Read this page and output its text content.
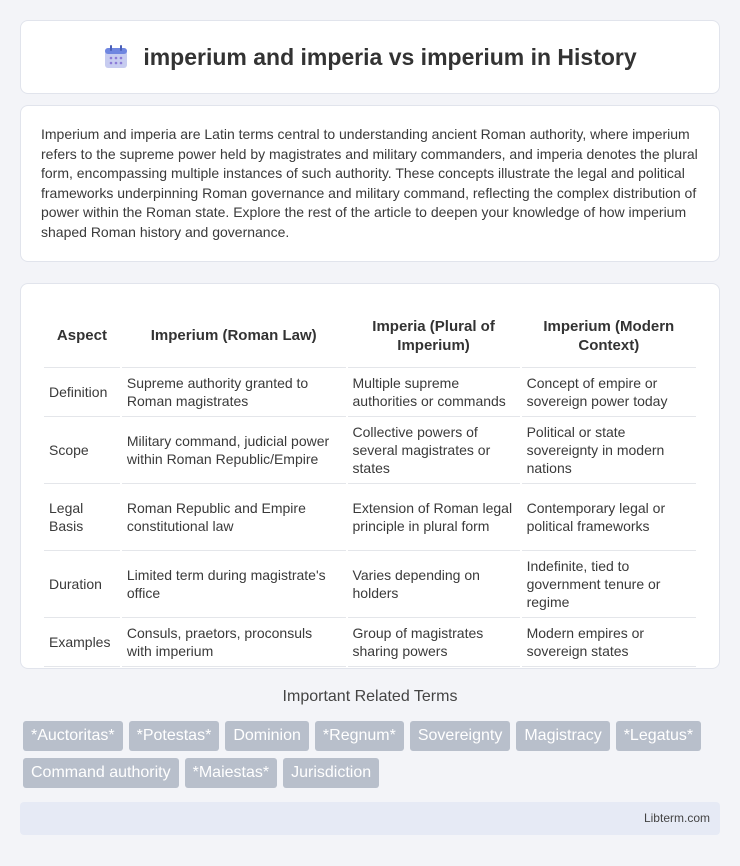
imperium and imperia vs imperium in History

Imperium and imperia are Latin terms central to understanding ancient Roman authority, where imperium refers to the supreme power held by magistrates and military commanders, and imperia denotes the plural form, encompassing multiple instances of such authority. These concepts illustrate the legal and political frameworks underpinning Roman governance and military command, reflecting the complex distribution of power within the Roman state. Explore the rest of the article to deepen your knowledge of how imperium shaped Roman history and governance.

Aspect	Imperium (Roman Law)	Imperia (Plural of Imperium)	Imperium (Modern Context)
Definition	Supreme authority granted to Roman magistrates	Multiple supreme authorities or commands	Concept of empire or sovereign power today
Scope	Military command, judicial power within Roman Republic/Empire	Collective powers of several magistrates or states	Political or state sovereignty in modern nations
Legal Basis	Roman Republic and Empire constitutional law	Extension of Roman legal principle in plural form	Contemporary legal or political frameworks
Duration	Limited term during magistrate's office	Varies depending on holders	Indefinite, tied to government tenure or regime
Examples	Consuls, praetors, proconsuls with imperium	Group of magistrates sharing powers	Modern empires or sovereign states
Important Related Terms
*Auctoritas*	*Potestas*	Dominion	*Regnum*	Sovereignty	Magistracy	*Legatus*
Command authority	*Maiestas*	Jurisdiction
Libterm.com
